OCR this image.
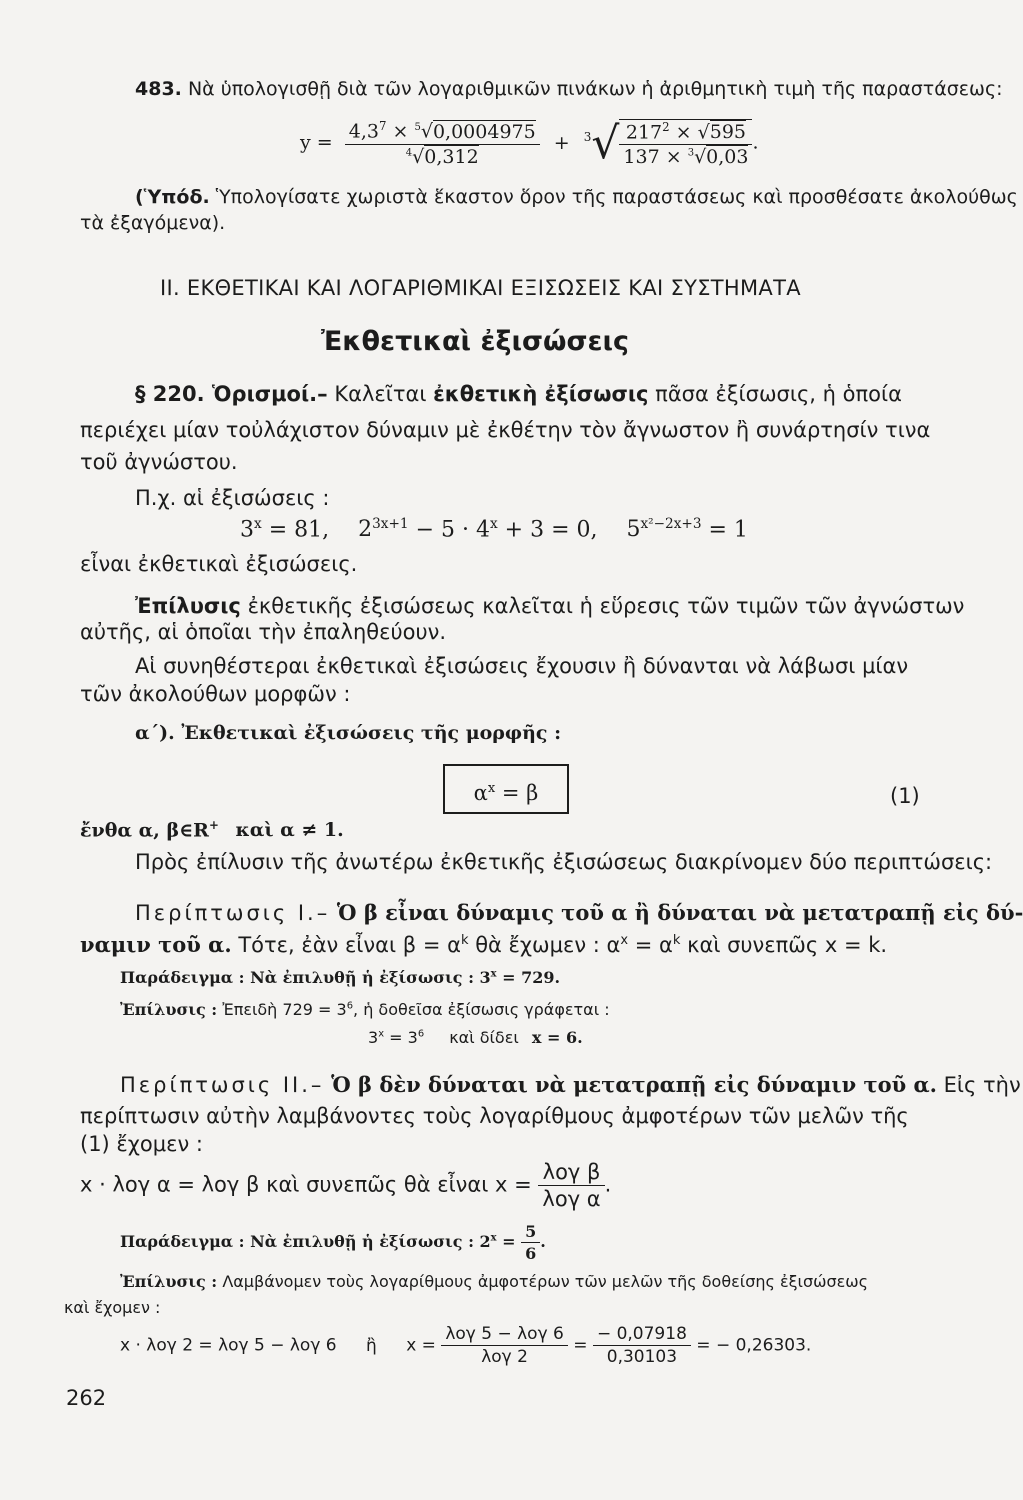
483. Νὰ ὑπολογισθῇ διὰ τῶν λογαριθμικῶν πινάκων ἡ ἀριθμητικὴ τιμὴ τῆς παραστάσεως:
$y = \frac{4,3^7 \times ^5√0,0004975}{^4√0,312} + ^3√ \frac{217^2 \times √595}{137 \times ^3√0,03}$ .
(Ὑπόδ. Ὑπολογίσατε χωριστὰ ἕκαστον ὅρον τῆς παραστάσεως καὶ προσθέσατε ἀκολούθως
τὰ ἐξαγόμενα).
ΙΙ. ΕΚΘΕΤΙΚΑΙ ΚΑΙ ΛΟΓΑΡΙΘΜΙΚΑΙ ΕΞΙΣΩΣΕΙΣ ΚΑΙ ΣΥΣΤΗΜΑΤΑ
Ἐκθετικαὶ ἐξισώσεις
§ 220. Ὁρισμοί.– Καλεῖται ἐκθετικὴ ἐξίσωσις πᾶσα ἐξίσωσις, ἡ ὁποία
περιέχει μίαν τοὐλάχιστον δύναμιν μὲ ἐκθέτην τὸν ἄγνωστον ἢ συνάρτησίν τινα
τοῦ ἀγνώστου.
Π.χ. αἱ ἐξισώσεις :
$3^x = 81$, $2^{3x+1} - 5 \cdot 4^x + 3 = 0$, $5^{x^2-2x+3} = 1$
εἶναι ἐκθετικαὶ ἐξισώσεις.
Ἐπίλυσις ἐκθετικῆς ἐξισώσεως καλεῖται ἡ εὕρεσις τῶν τιμῶν τῶν ἀγνώστων
αὐτῆς, αἱ ὁποῖαι τὴν ἐπαληθεύουν.
Αἱ συνηθέστεραι ἐκθετικαὶ ἐξισώσεις ἔχουσιν ἢ δύνανται νὰ λάβωσι μίαν
τῶν ἀκολούθων μορφῶν :
α΄). Ἐκθετικαὶ ἐξισώσεις τῆς μορφῆς :
$\alpha^x = \beta$	(1)
ἔνθα α, β∈R+ καὶ α ≠ 1.
Πρὸς ἐπίλυσιν τῆς ἀνωτέρω ἐκθετικῆς ἐξισώσεως διακρίνομεν δύο περιπτώσεις:
Περίπτωσις Ι.– Ὁ β εἶναι δύναμις τοῦ α ἢ δύναται νὰ μετατραπῇ εἰς δύ-
ναμιν τοῦ α. Τότε, ἐὰν εἶναι $\beta = \alpha^k$ θὰ ἔχωμεν : $\alpha^x = \alpha^k$ καὶ συνεπῶς x = k.
Παράδειγμα : Νὰ ἐπιλυθῇ ἡ ἐξίσωσις : $3^x = 729$.
Ἐπίλυσις : Ἐπειδὴ $729 = 3^6$, ἡ δοθεῖσα ἐξίσωσις γράφεται :
$3^x = 3^6$ καὶ δίδει x = 6.
Περίπτωσις ΙΙ.– Ὁ β δὲν δύναται νὰ μετατραπῇ εἰς δύναμιν τοῦ α. Εἰς τὴν
περίπτωσιν αὐτὴν λαμβάνοντες τοὺς λογαρίθμους ἀμφοτέρων τῶν μελῶν τῆς
(1) ἔχομεν :
x · λογ α = λογ β καὶ συνεπῶς θὰ εἶναι $x = \frac{\text{λογ β}}{\text{λογ α}}$ .
Παράδειγμα : Νὰ ἐπιλυθῇ ἡ ἐξίσωσις : $2^x = \frac{5}{6}$ .
Ἐπίλυσις : Λαμβάνομεν τοὺς λογαρίθμους ἀμφοτέρων τῶν μελῶν τῆς δοθείσης ἐξισώσεως
καὶ ἔχομεν :
x · λογ 2 = λογ 5 − λογ 6 ἢ $x = \frac{\text{λογ 5 − λογ 6}}{\text{λογ 2}} = \frac{- 0,07918}{0,30103}$ = − 0,26303.
262
